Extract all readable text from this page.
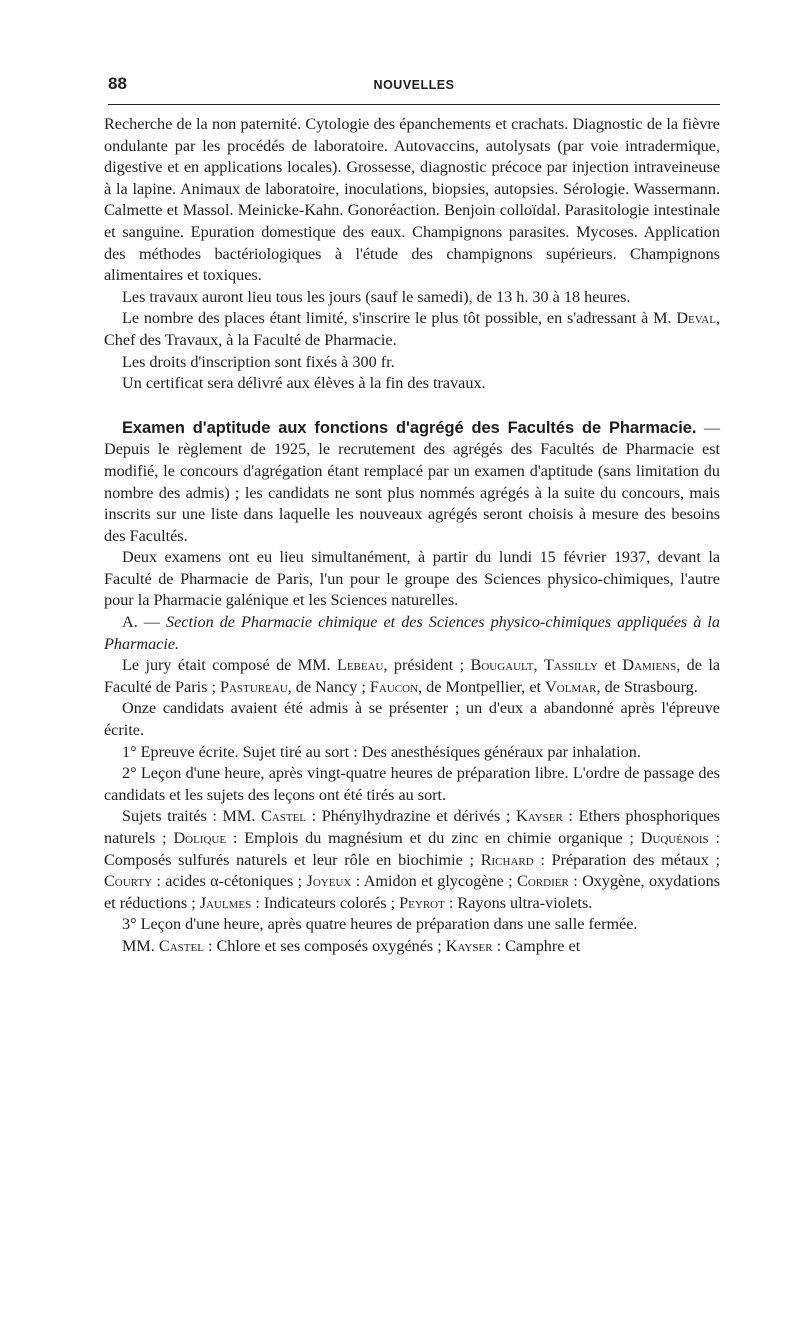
88	NOUVELLES

Recherche de la non paternité. Cytologie des épanchements et crachats. Diagnostic de la fièvre ondulante par les procédés de laboratoire. Autovaccins, autolysats (par voie intradermique, digestive et en applications locales). Grossesse, diagnostic précoce par injection intraveineuse à la lapine. Animaux de laboratoire, inoculations, biopsies, autopsies. Sérologie. Wassermann. Calmette et Massol. Meinicke-Kahn. Gonoréaction. Benjoin colloïdal. Parasitologie intestinale et sanguine. Epuration domestique des eaux. Champignons parasites. Mycoses. Application des méthodes bactériologiques à l'étude des champignons supérieurs. Champignons alimentaires et toxiques.

Les travaux auront lieu tous les jours (sauf le samedi), de 13 h. 30 à 18 heures.

Le nombre des places étant limité, s'inscrire le plus tôt possible, en s'adressant à M. Deval, Chef des Travaux, à la Faculté de Pharmacie.

Les droits d'inscription sont fixés à 300 fr.

Un certificat sera délivré aux élèves à la fin des travaux.

Examen d'aptitude aux fonctions d'agrégé des Facultés de Pharmacie. — Depuis le règlement de 1925, le recrutement des agrégés des Facultés de Pharmacie est modifié, le concours d'agrégation étant remplacé par un examen d'aptitude (sans limitation du nombre des admis) ; les candidats ne sont plus nommés agrégés à la suite du concours, mais inscrits sur une liste dans laquelle les nouveaux agrégés seront choisis à mesure des besoins des Facultés.

Deux examens ont eu lieu simultanément, à partir du lundi 15 février 1937, devant la Faculté de Pharmacie de Paris, l'un pour le groupe des Sciences physico-chimiques, l'autre pour la Pharmacie galénique et les Sciences naturelles.

A. — Section de Pharmacie chimique et des Sciences physico-chimiques appliquées à la Pharmacie.

Le jury était composé de MM. Lebeau, président ; Bougault, Tassilly et Damiens, de la Faculté de Paris ; Pastureau, de Nancy ; Faucon, de Montpellier, et Volmar, de Strasbourg.

Onze candidats avaient été admis à se présenter ; un d'eux a abandonné après l'épreuve écrite.

1° Epreuve écrite. Sujet tiré au sort : Des anesthésiques généraux par inhalation.

2° Leçon d'une heure, après vingt-quatre heures de préparation libre. L'ordre de passage des candidats et les sujets des leçons ont été tirés au sort.

Sujets traités : MM. Castel : Phénylhydrazine et dérivés ; Kayser : Ethers phosphoriques naturels ; Dolique : Emplois du magnésium et du zinc en chimie organique ; Duquénois : Composés sulfurés naturels et leur rôle en biochimie ; Richard : Préparation des métaux ; Courty : acides α-cétoniques ; Joyeux : Amidon et glycogène ; Cordier : Oxygène, oxydations et réductions ; Jaulmes : Indicateurs colorés ; Peyrot : Rayons ultra-violets.

3° Leçon d'une heure, après quatre heures de préparation dans une salle fermée.

MM. Castel : Chlore et ses composés oxygénés ; Kayser : Camphre et
